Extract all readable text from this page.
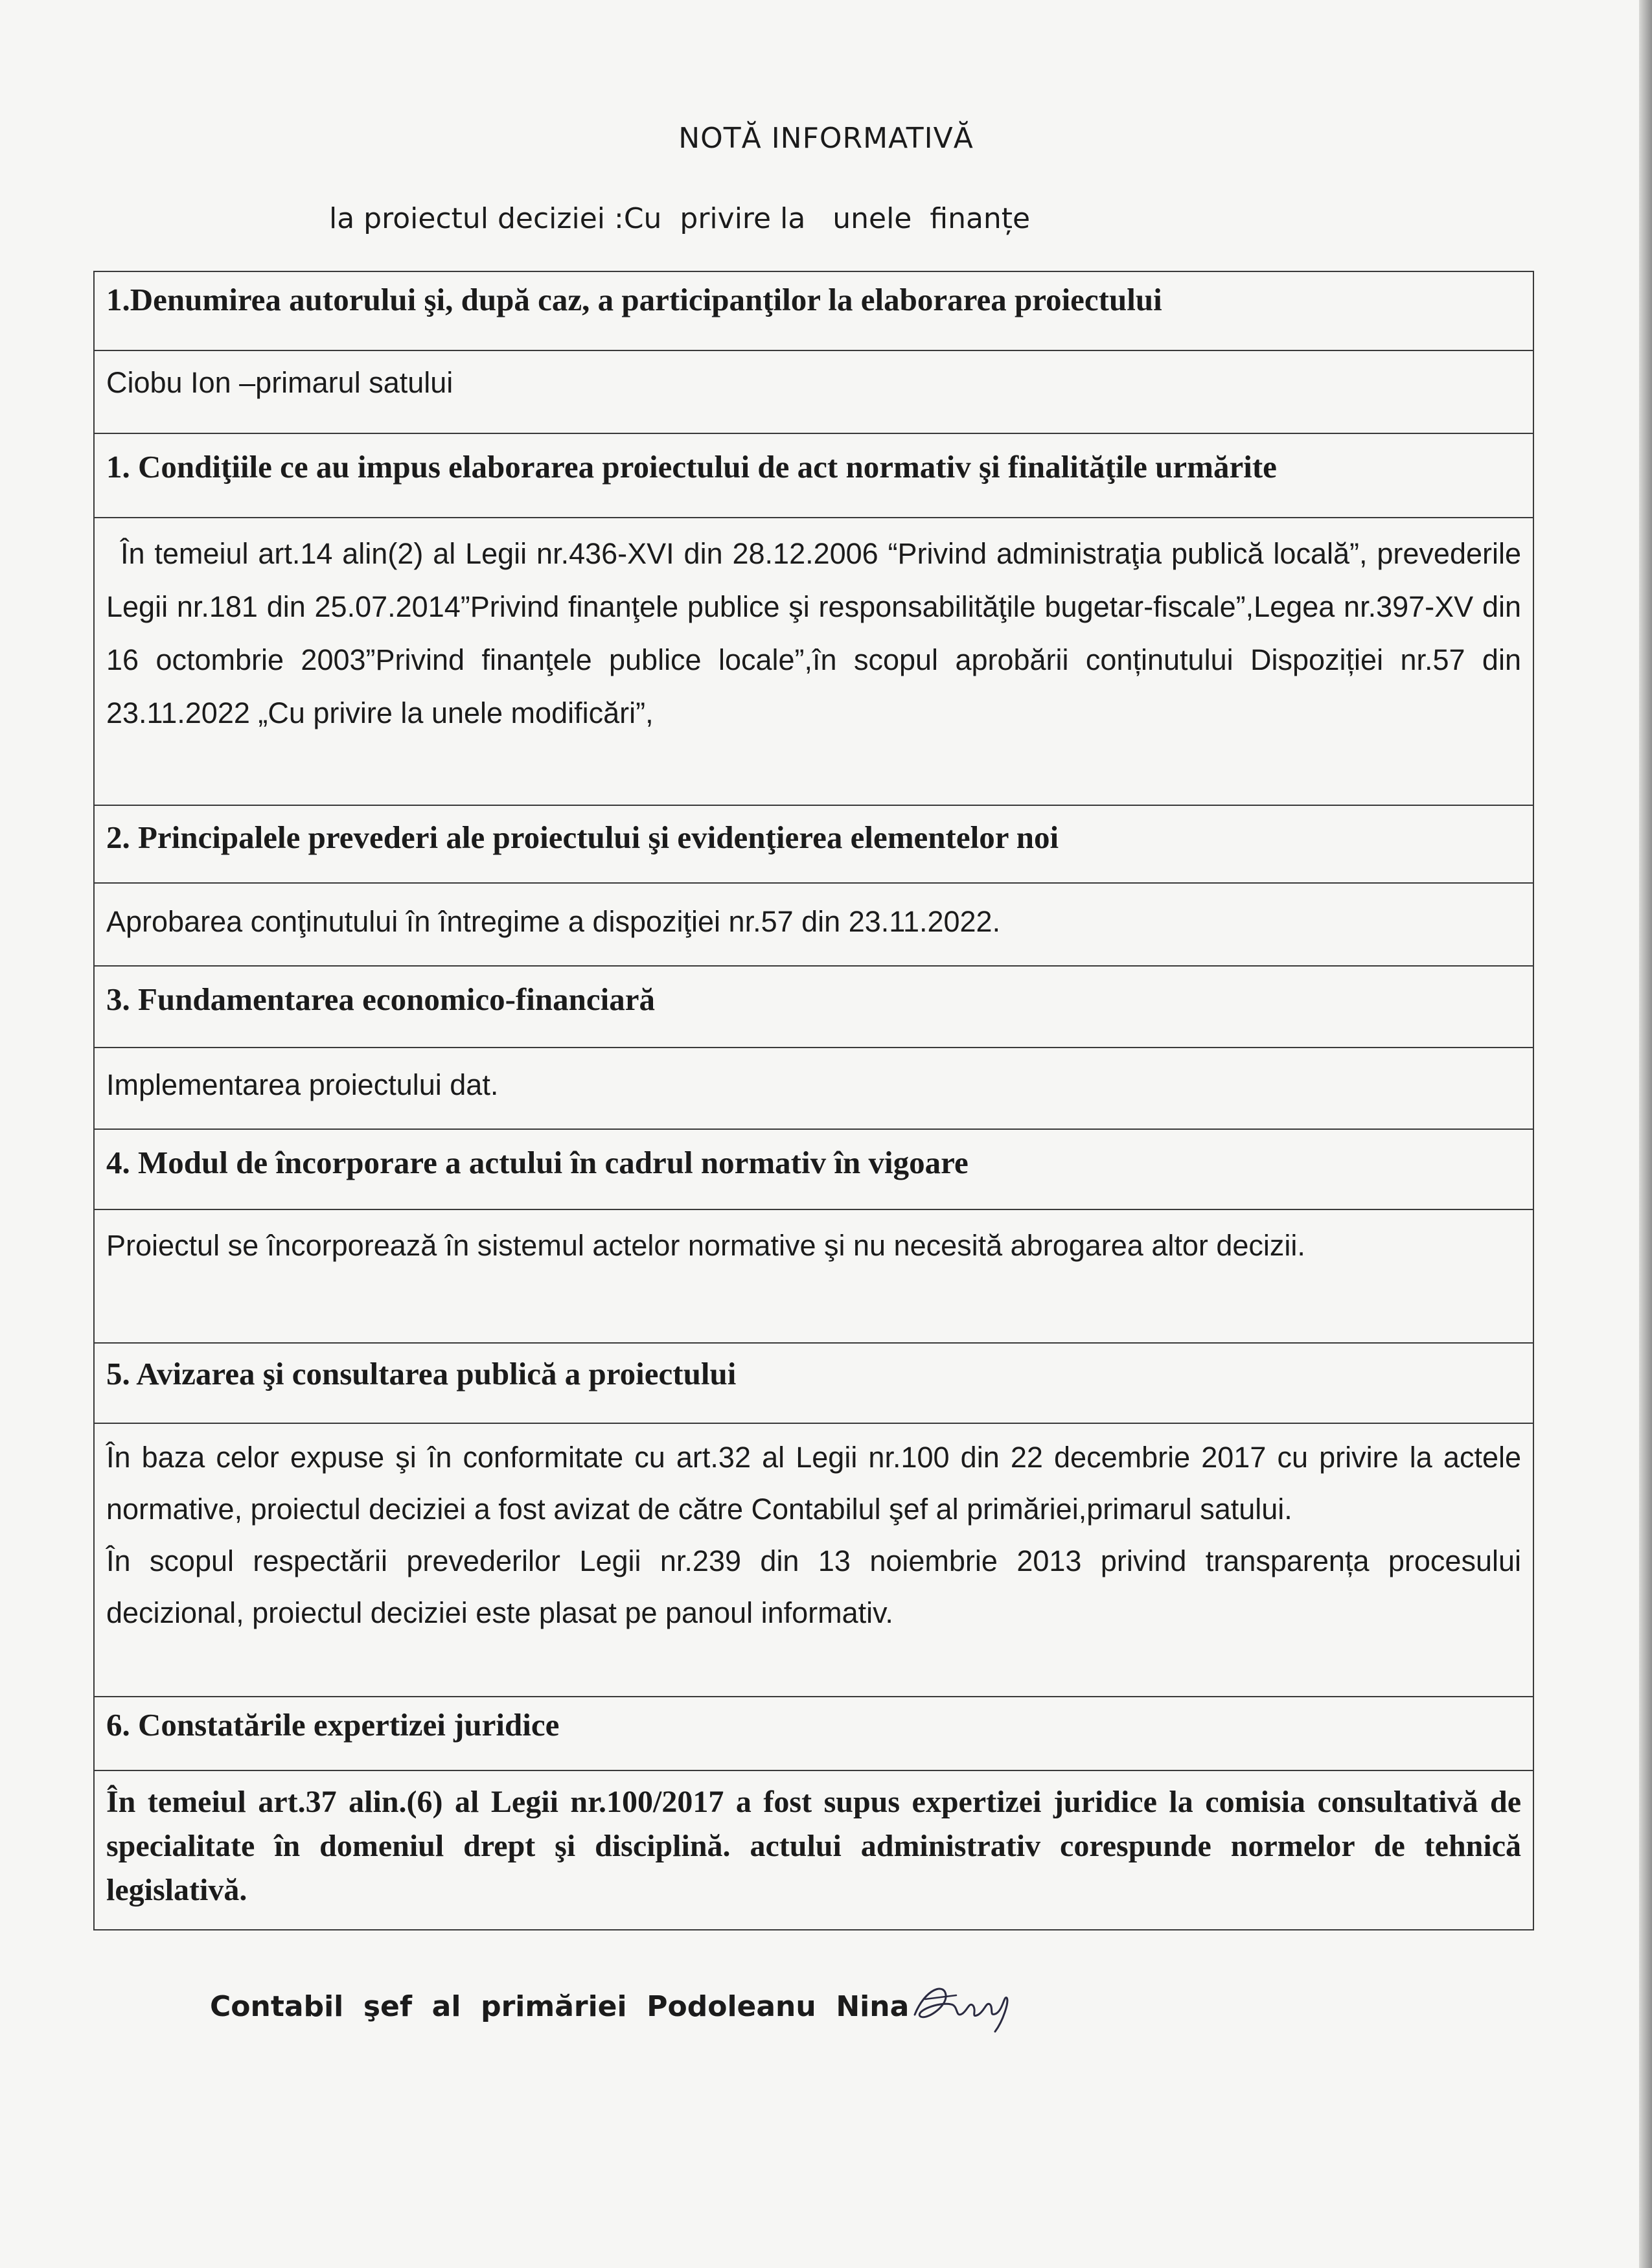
NOTĂ INFORMATIVĂ
la proiectul deciziei :Cu  privire la   unele  finanțe
1.Denumirea autorului şi, după caz, a participanţilor la elaborarea proiectului
Ciobu Ion –primarul satului
1. Condiţiile ce au impus elaborarea proiectului de act normativ şi finalităţile urmărite
În temeiul art.14 alin(2) al Legii nr.436-XVI din 28.12.2006 “Privind administraţia publică locală”, prevederile Legii nr.181 din 25.07.2014”Privind finanţele publice şi responsabilităţile bugetar-fiscale”,Legea nr.397-XV din 16 octombrie 2003”Privind finanţele publice locale”,în scopul aprobării conținutului Dispoziției nr.57 din 23.11.2022 „Cu privire la unele modificări”,
2. Principalele prevederi ale proiectului şi evidenţierea elementelor noi
Aprobarea conţinutului în întregime a dispoziţiei nr.57 din 23.11.2022.
3. Fundamentarea economico-financiară
Implementarea proiectului dat.
4. Modul de încorporare a actului în cadrul normativ în vigoare
Proiectul se încorporează în sistemul actelor normative şi nu necesită abrogarea altor decizii.
5. Avizarea şi consultarea publică a proiectului
În baza celor expuse şi în conformitate cu art.32 al Legii nr.100 din 22 decembrie 2017 cu privire la actele normative, proiectul deciziei a fost avizat de către Contabilul şef al primăriei,primarul satului.
În scopul respectării prevederilor Legii nr.239 din 13 noiembrie 2013 privind transparența procesului decizional, proiectul deciziei este plasat pe panoul informativ.
6. Constatările expertizei juridice
În temeiul art.37 alin.(6) al Legii nr.100/2017 a fost supus expertizei juridice la comisia consultativă de specialitate în domeniul drept şi disciplină. actului administrativ corespunde normelor de tehnică legislativă.
Contabil  şef  al  primăriei  Podoleanu  Nina
